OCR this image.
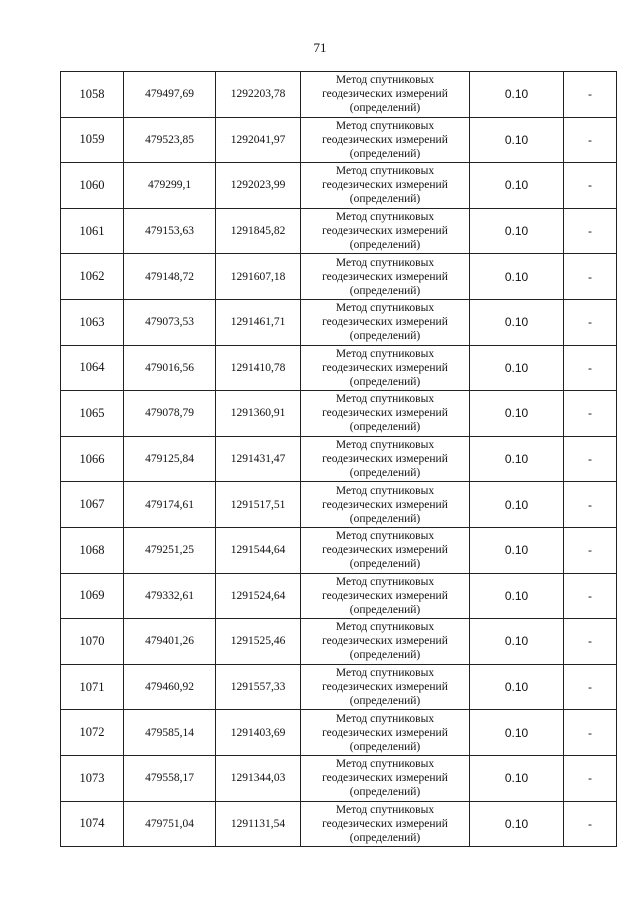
71
1058	479497,69	1292203,78	Метод спутниковых
геодезических измерений
(определений)	0.10	-
1059	479523,85	1292041,97	Метод спутниковых
геодезических измерений
(определений)	0.10	-
1060	479299,1	1292023,99	Метод спутниковых
геодезических измерений
(определений)	0.10	-
1061	479153,63	1291845,82	Метод спутниковых
геодезических измерений
(определений)	0.10	-
1062	479148,72	1291607,18	Метод спутниковых
геодезических измерений
(определений)	0.10	-
1063	479073,53	1291461,71	Метод спутниковых
геодезических измерений
(определений)	0.10	-
1064	479016,56	1291410,78	Метод спутниковых
геодезических измерений
(определений)	0.10	-
1065	479078,79	1291360,91	Метод спутниковых
геодезических измерений
(определений)	0.10	-
1066	479125,84	1291431,47	Метод спутниковых
геодезических измерений
(определений)	0.10	-
1067	479174,61	1291517,51	Метод спутниковых
геодезических измерений
(определений)	0.10	-
1068	479251,25	1291544,64	Метод спутниковых
геодезических измерений
(определений)	0.10	-
1069	479332,61	1291524,64	Метод спутниковых
геодезических измерений
(определений)	0.10	-
1070	479401,26	1291525,46	Метод спутниковых
геодезических измерений
(определений)	0.10	-
1071	479460,92	1291557,33	Метод спутниковых
геодезических измерений
(определений)	0.10	-
1072	479585,14	1291403,69	Метод спутниковых
геодезических измерений
(определений)	0.10	-
1073	479558,17	1291344,03	Метод спутниковых
геодезических измерений
(определений)	0.10	-
1074	479751,04	1291131,54	Метод спутниковых
геодезических измерений
(определений)	0.10	-
